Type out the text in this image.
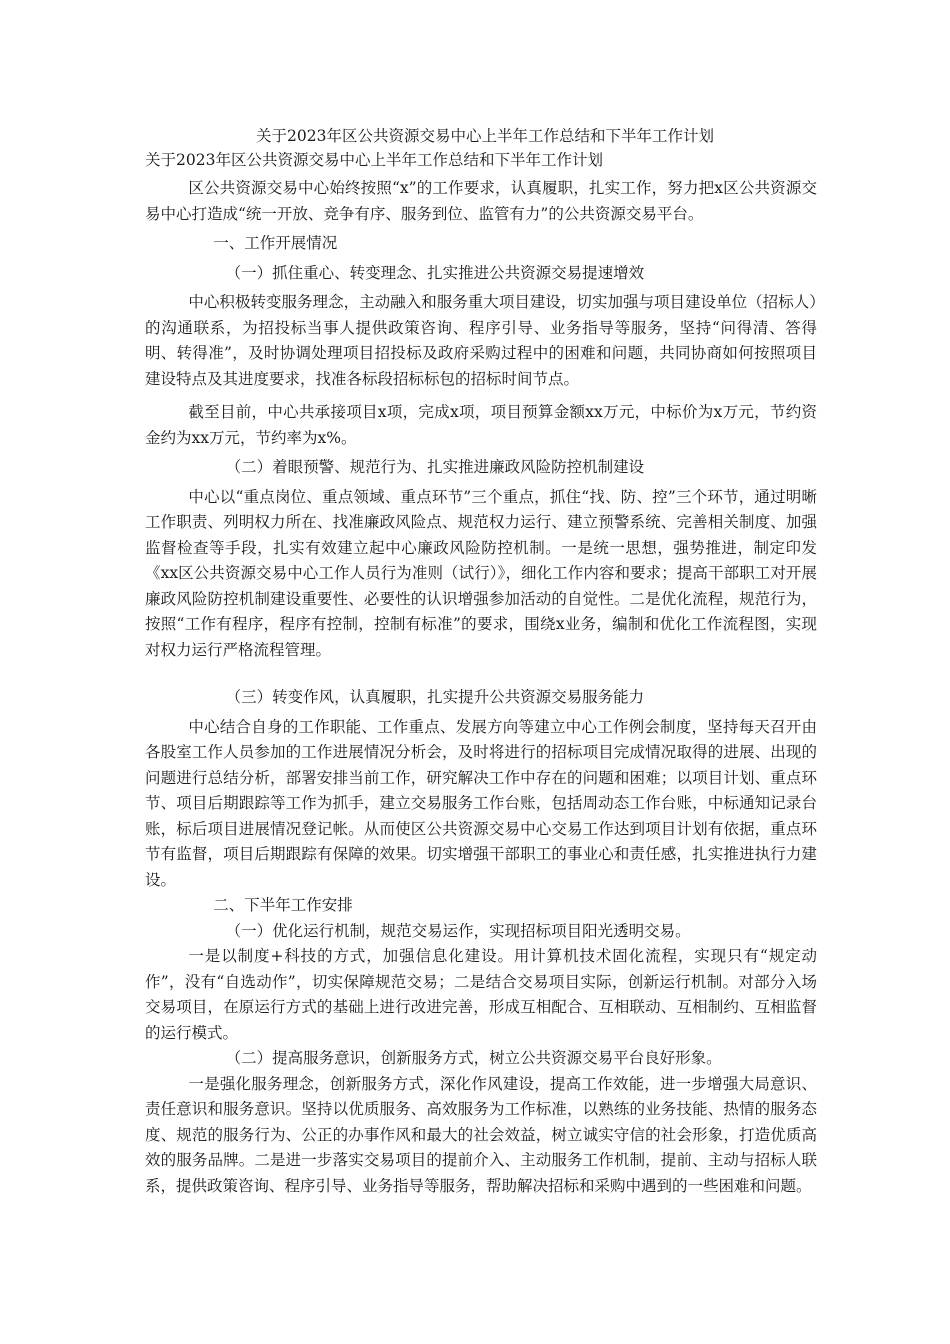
关于2023年区公共资源交易中心上半年工作总结和下半年工作计划
关于2023年区公共资源交易中心上半年工作总结和下半年工作计划

区公共资源交易中心始终按照“x”的工作要求，认真履职，扎实工作，努力把x区公共资源交易中心打造成“统一开放、竞争有序、服务到位、监管有力”的公共资源交易平台。

一、工作开展情况

（一）抓住重心、转变理念、扎实推进公共资源交易提速增效

中心积极转变服务理念，主动融入和服务重大项目建设，切实加强与项目建设单位（招标人）的沟通联系，为招投标当事人提供政策咨询、程序引导、业务指导等服务，坚持“问得清、答得明、转得准”，及时协调处理项目招投标及政府采购过程中的困难和问题，共同协商如何按照项目建设特点及其进度要求，找准各标段招标标包的招标时间节点。

截至目前，中心共承接项目x项，完成x项，项目预算金额xx万元，中标价为x万元，节约资金约为xx万元，节约率为x%。

（二）着眼预警、规范行为、扎实推进廉政风险防控机制建设

中心以“重点岗位、重点领域、重点环节”三个重点，抓住“找、防、控”三个环节，通过明晰工作职责、列明权力所在、找准廉政风险点、规范权力运行、建立预警系统、完善相关制度、加强监督检查等手段，扎实有效建立起中心廉政风险防控机制。一是统一思想，强势推进，制定印发《xx区公共资源交易中心工作人员行为准则（试行）》，细化工作内容和要求；提高干部职工对开展廉政风险防控机制建设重要性、必要性的认识增强参加活动的自觉性。二是优化流程，规范行为，按照“工作有程序，程序有控制，控制有标准”的要求，围绕x业务，编制和优化工作流程图，实现对权力运行严格流程管理。

（三）转变作风，认真履职，扎实提升公共资源交易服务能力

中心结合自身的工作职能、工作重点、发展方向等建立中心工作例会制度，坚持每天召开由各股室工作人员参加的工作进展情况分析会，及时将进行的招标项目完成情况取得的进展、出现的问题进行总结分析，部署安排当前工作，研究解决工作中存在的问题和困难；以项目计划、重点环节、项目后期跟踪等工作为抓手，建立交易服务工作台账，包括周动态工作台账，中标通知记录台账，标后项目进展情况登记帐。从而使区公共资源交易中心交易工作达到项目计划有依据，重点环节有监督，项目后期跟踪有保障的效果。切实增强干部职工的事业心和责任感，扎实推进执行力建设。

二、下半年工作安排

（一）优化运行机制，规范交易运作，实现招标项目阳光透明交易。

一是以制度+科技的方式，加强信息化建设。用计算机技术固化流程，实现只有“规定动作”，没有“自选动作”，切实保障规范交易；二是结合交易项目实际，创新运行机制。对部分入场交易项目，在原运行方式的基础上进行改进完善，形成互相配合、互相联动、互相制约、互相监督的运行模式。

（二）提高服务意识，创新服务方式，树立公共资源交易平台良好形象。

一是强化服务理念，创新服务方式，深化作风建设，提高工作效能，进一步增强大局意识、责任意识和服务意识。坚持以优质服务、高效服务为工作标准，以熟练的业务技能、热情的服务态度、规范的服务行为、公正的办事作风和最大的社会效益，树立诚实守信的社会形象，打造优质高效的服务品牌。二是进一步落实交易项目的提前介入、主动服务工作机制，提前、主动与招标人联系，提供政策咨询、程序引导、业务指导等服务，帮助解决招标和采购中遇到的一些困难和问题。
